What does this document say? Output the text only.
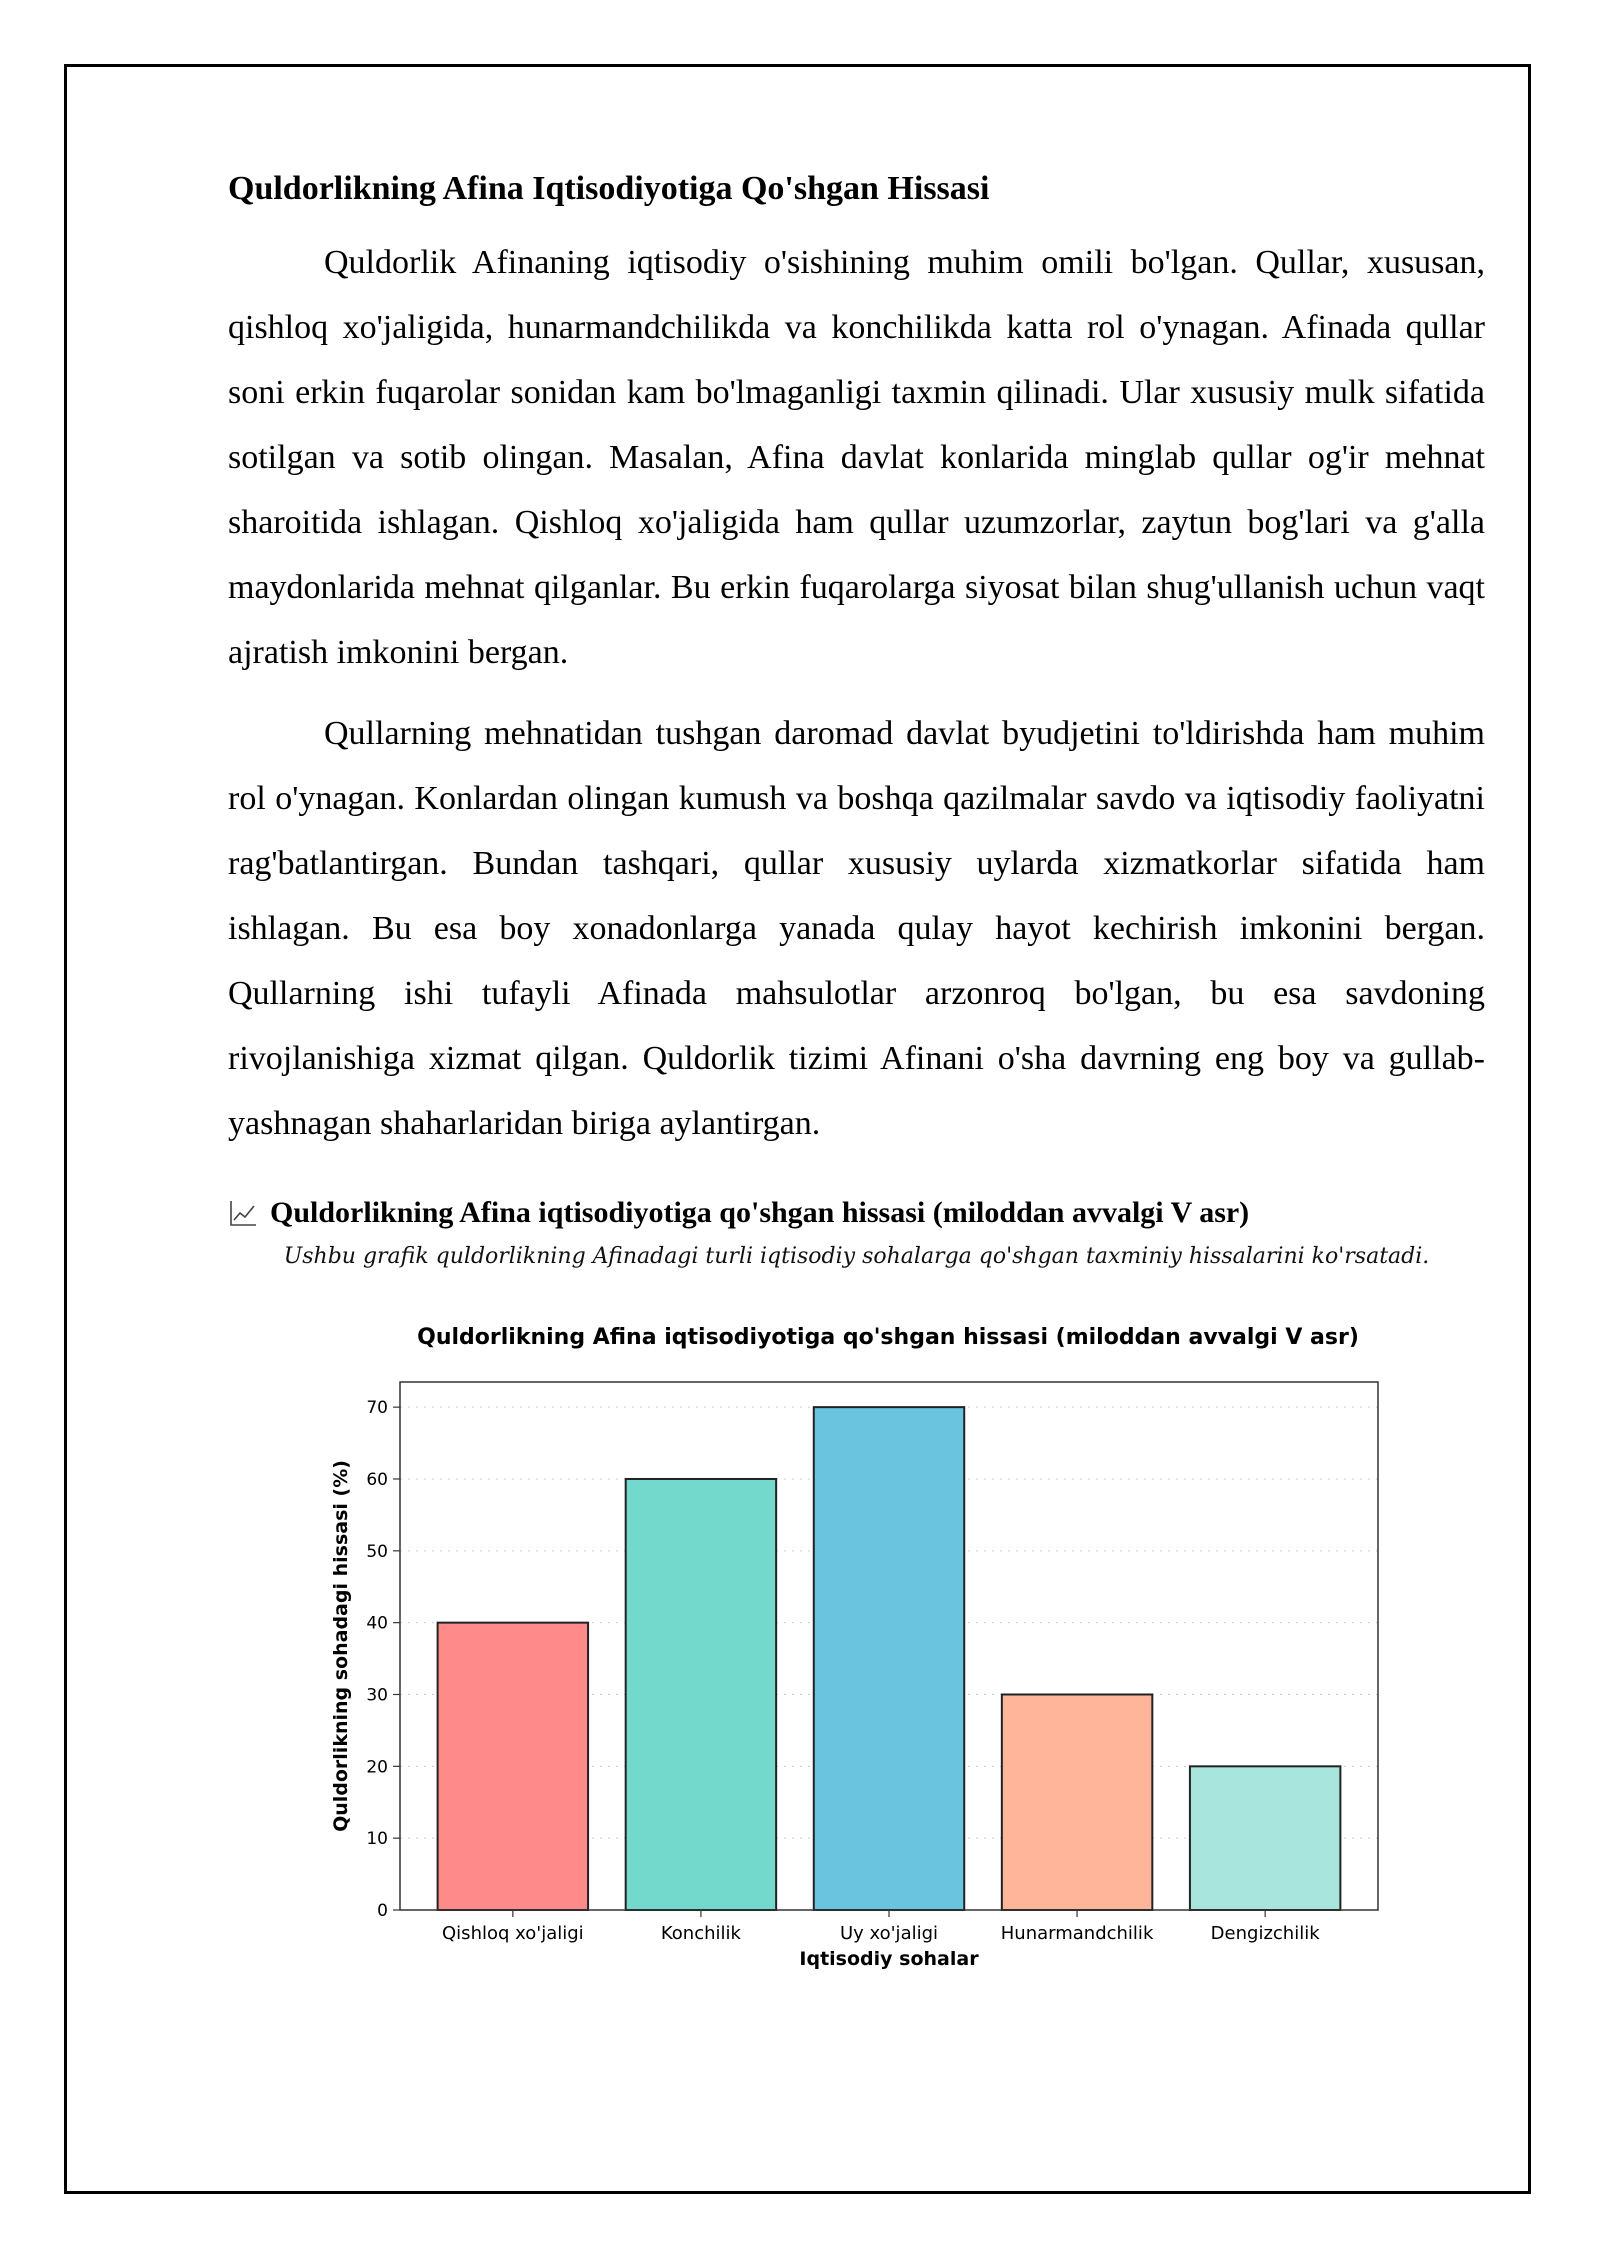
Quldorlikning Afina Iqtisodiyotiga Qo'shgan Hissasi

Quldorlik Afinaning iqtisodiy o'sishining muhim omili bo'lgan. Qullar, xususan, qishloq xo'jaligida, hunarmandchilikda va konchilikda katta rol o'ynagan. Afinada qullar soni erkin fuqarolar sonidan kam bo'lmaganligi taxmin qilinadi. Ular xususiy mulk sifatida sotilgan va sotib olingan. Masalan, Afina davlat konlarida minglab qullar og'ir mehnat sharoitida ishlagan. Qishloq xo'jaligida ham qullar uzumzorlar, zaytun bog'lari va g'alla maydonlarida mehnat qilganlar. Bu erkin fuqarolarga siyosat bilan shug'ullanish uchun vaqt ajratish imkonini bergan.

Qullarning mehnatidan tushgan daromad davlat byudjetini to'ldirishda ham muhim rol o'ynagan. Konlardan olingan kumush va boshqa qazilmalar savdo va iqtisodiy faoliyatni rag'batlantirgan. Bundan tashqari, qullar xususiy uylarda xizmatkorlar sifatida ham ishlagan. Bu esa boy xonadonlarga yanada qulay hayot kechirish imkonini bergan. Qullarning ishi tufayli Afinada mahsulotlar arzonroq bo'lgan, bu esa savdoning rivojlanishiga xizmat qilgan. Quldorlik tizimi Afinani o'sha davrning eng boy va gullab-yashnagan shaharlaridan biriga aylantirgan.

Quldorlikning Afina iqtisodiyotiga qo'shgan hissasi (miloddan avvalgi V asr)
Ushbu grafik quldorlikning Afinadagi turli iqtisodiy sohalarga qo'shgan taxminiy hissalarini ko'rsatadi.
Quldorlikning Afina iqtisodiyotiga qo'shgan hissasi (miloddan avvalgi V asr)
0
10
20
30
40
50
60
70
Qishloq xo'jaligi	Konchilik	Uy xo'jaligi	Hunarmandchilik	Dengizchilik
Iqtisodiy sohalar
Quldorlikning sohadagi hissasi (%)
